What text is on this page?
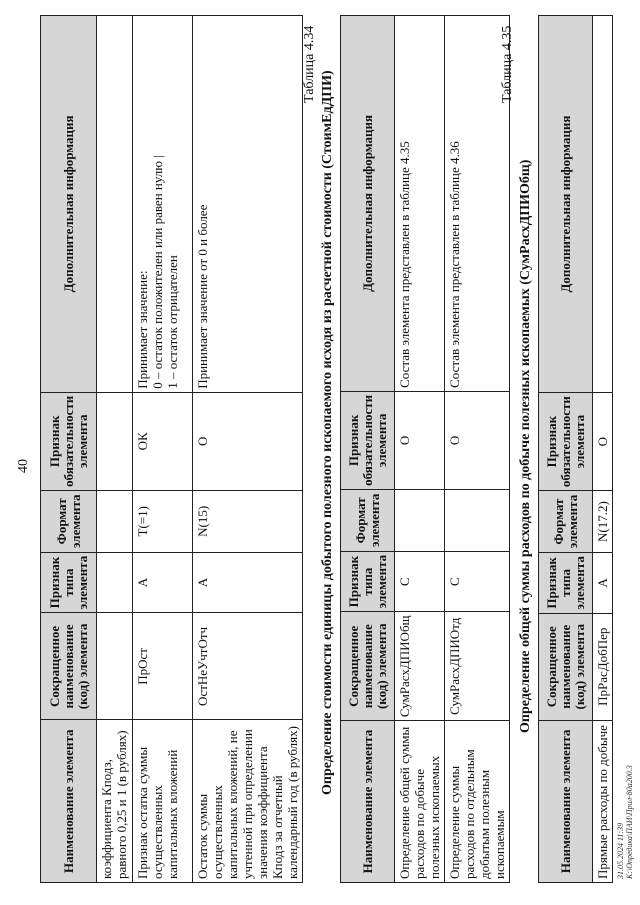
40
Наименование элемента	Сокращенное наименование (код) элемента	Признак типа элемента	Формат элемента	Признак обязательности элемента	Дополнительная информация
коэффициента Кподз, равного 0,25 и 1 (в рублях)					
Признак остатка суммы осуществленных капитальных вложений	ПрОст	А	Т(=1)	ОК	Принимает значение:
0 – остаток положителен или равен нулю |
1 – остаток отрицателен
Остаток суммы осуществленных капитальных вложений, не учтенной при определении значения коэффициента Кподз за отчетный календарный год (в рублях)	ОстНеУчтОтч	А	N(15)	О	Принимает значение от 0 и более
Таблица 4.34
Определение стоимости единицы добытого полезного ископаемого исходя из расчетной стоимости (СтоимЕдДПИ)
Наименование элемента	Сокращенное наименование (код) элемента	Признак типа элемента	Формат элемента	Признак обязательности элемента	Дополнительная информация
Определение общей суммы расходов по добыче полезных ископаемых	СумРасхДПИОбщ	С		О	Состав элемента представлен в таблице 4.35
Определение суммы расходов по отдельным добытым полезным ископаемым	СумРасхДПИОтд	С		О	Состав элемента представлен в таблице 4.36
Таблица 4.35
Определение общей суммы расходов по добыче полезных ископаемых (СумРасхДПИОбщ)
Наименование элемента	Сокращенное наименование (код) элемента	Признак типа элемента	Формат элемента	Признак обязательности элемента	Дополнительная информация
Прямые расходы по добыче	ПрРасДобПер	А	N(17.2)	О	
31.05.2024 11:39 К:\Опредика\ПАИ\Прил-80a200.3
